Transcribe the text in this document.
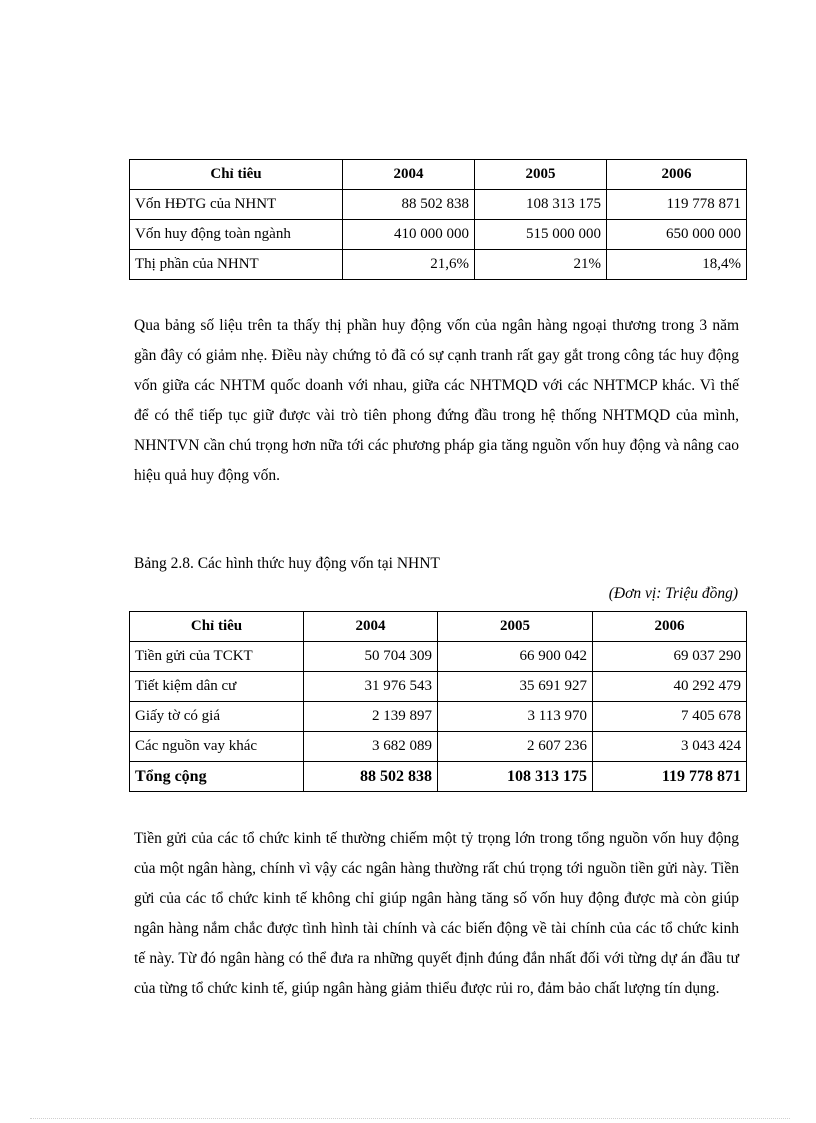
Chỉ tiêu	2004	2005	2006
Vốn HĐTG của NHNT	88 502 838	108 313 175	119 778 871
Vốn huy động toàn ngành	410 000 000	515 000 000	650 000 000
Thị phần của NHNT	21,6%	21%	18,4%

Qua bảng số liệu trên ta thấy thị phần huy động vốn của ngân hàng ngoại thương trong 3 năm gần đây có giảm nhẹ. Điều này chứng tỏ đã có sự cạnh tranh rất gay gắt trong công tác huy động vốn giữa các NHTM quốc doanh với nhau, giữa các NHTMQD với các NHTMCP khác. Vì thế để có thể tiếp tục giữ được vài trò tiên phong đứng đầu trong hệ thống NHTMQD của mình, NHNTVN cần chú trọng hơn nữa tới các phương pháp gia tăng nguồn vốn huy động và nâng cao hiệu quả huy động vốn.

Bảng 2.8. Các hình thức huy động vốn tại NHNT

(Đơn vị: Triệu đồng)

Chỉ tiêu	2004	2005	2006
Tiền gửi của TCKT	50 704 309	66 900 042	69 037 290
Tiết kiệm dân cư	31 976 543	35 691 927	40 292 479
Giấy tờ có giá	2 139 897	3 113 970	7 405 678
Các nguồn vay khác	3 682 089	2 607 236	3 043 424
Tổng cộng	88 502 838	108 313 175	119 778 871

Tiền gửi của các tổ chức kinh tế thường chiếm một tỷ trọng lớn trong tổng nguồn vốn huy động của một ngân hàng, chính vì vậy các ngân hàng thường rất chú trọng tới nguồn tiền gửi này. Tiền gửi của các tổ chức kinh tế không chỉ giúp ngân hàng tăng số vốn huy động được mà còn giúp ngân hàng nắm chắc được tình hình tài chính và các biến động về tài chính của các tổ chức kinh tế này. Từ đó ngân hàng có thể đưa ra những quyết định đúng đắn nhất đối với từng dự án đầu tư của từng tổ chức kinh tế, giúp ngân hàng giảm thiểu được rủi ro, đảm bảo chất lượng tín dụng.
